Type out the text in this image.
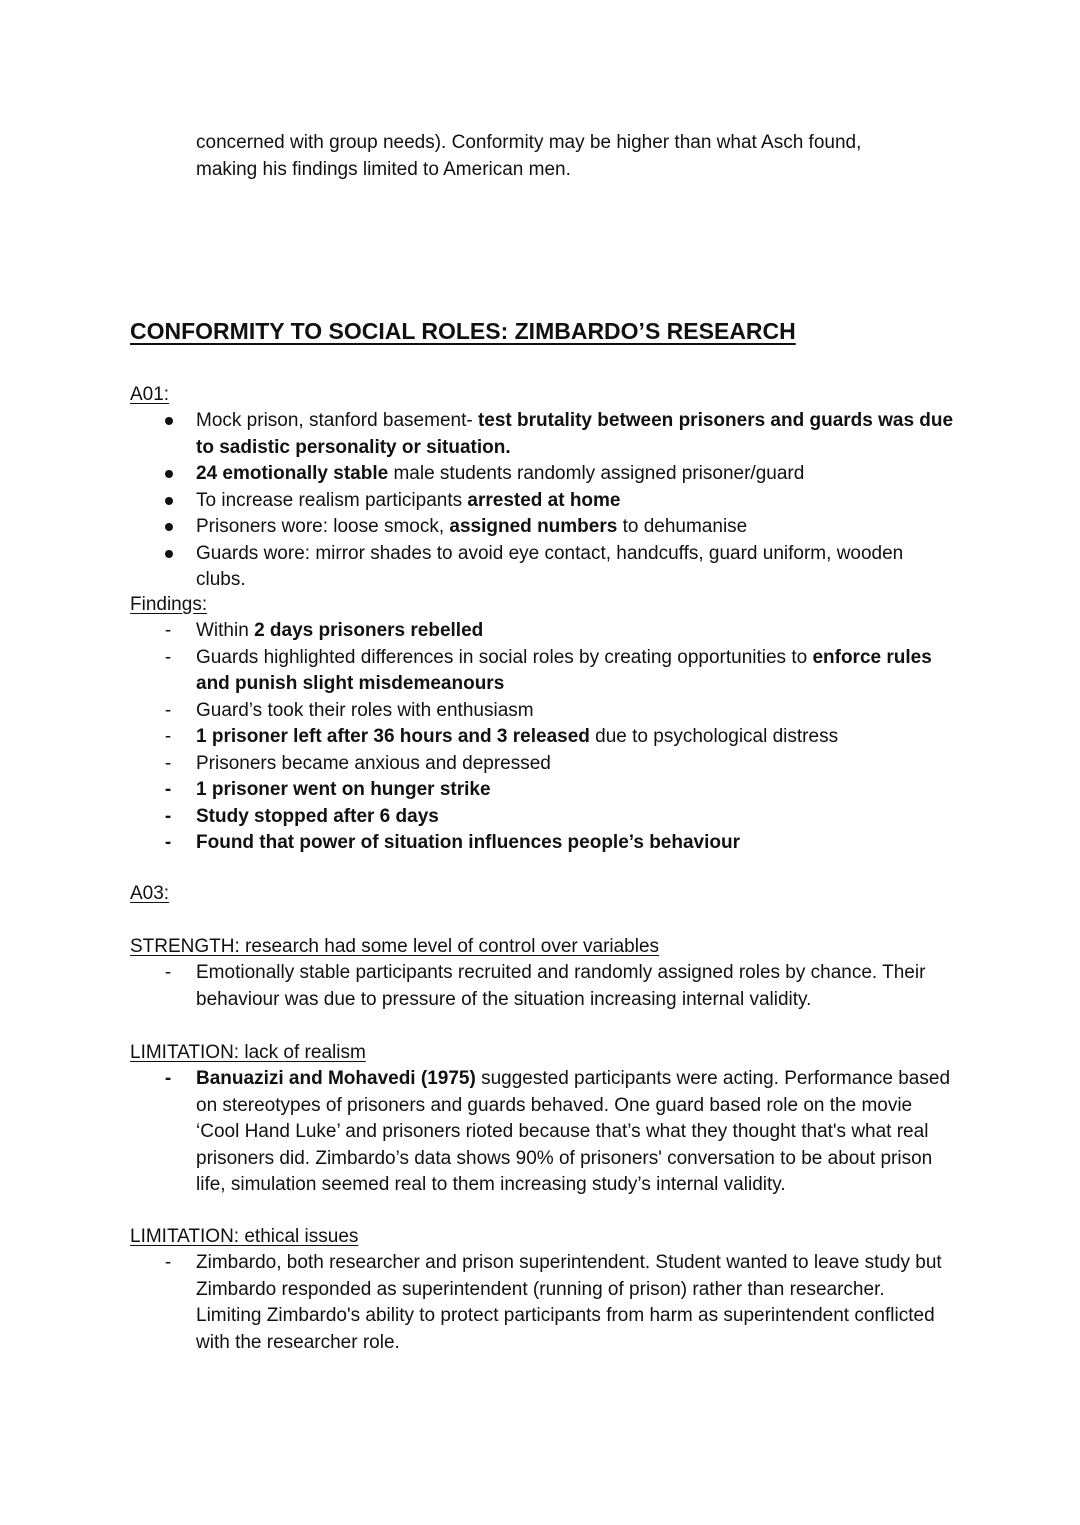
concerned with group needs). Conformity may be higher than what Asch found,
making his findings limited to American men.
CONFORMITY TO SOCIAL ROLES: ZIMBARDO’S RESEARCH
A01:
Mock prison, stanford basement- test brutality between prisoners and guards was due to sadistic personality or situation.
24 emotionally stable male students randomly assigned prisoner/guard
To increase realism participants arrested at home
Prisoners wore: loose smock, assigned numbers to dehumanise
Guards wore: mirror shades to avoid eye contact, handcuffs, guard uniform, wooden clubs.
Findings:
- Within 2 days prisoners rebelled
- Guards highlighted differences in social roles by creating opportunities to enforce rules and punish slight misdemeanours
- Guard’s took their roles with enthusiasm
- 1 prisoner left after 36 hours and 3 released due to psychological distress
- Prisoners became anxious and depressed
- 1 prisoner went on hunger strike
- Study stopped after 6 days
- Found that power of situation influences people’s behaviour
A03:
STRENGTH: research had some level of control over variables
- Emotionally stable participants recruited and randomly assigned roles by chance. Their behaviour was due to pressure of the situation increasing internal validity.
LIMITATION: lack of realism
- Banuazizi and Mohavedi (1975) suggested participants were acting. Performance based on stereotypes of prisoners and guards behaved. One guard based role on the movie ‘Cool Hand Luke’ and prisoners rioted because that’s what they thought that's what real prisoners did. Zimbardo’s data shows 90% of prisoners' conversation to be about prison life, simulation seemed real to them increasing study’s internal validity.
LIMITATION: ethical issues
- Zimbardo, both researcher and prison superintendent. Student wanted to leave study but Zimbardo responded as superintendent (running of prison) rather than researcher. Limiting Zimbardo's ability to protect participants from harm as superintendent conflicted with the researcher role.
